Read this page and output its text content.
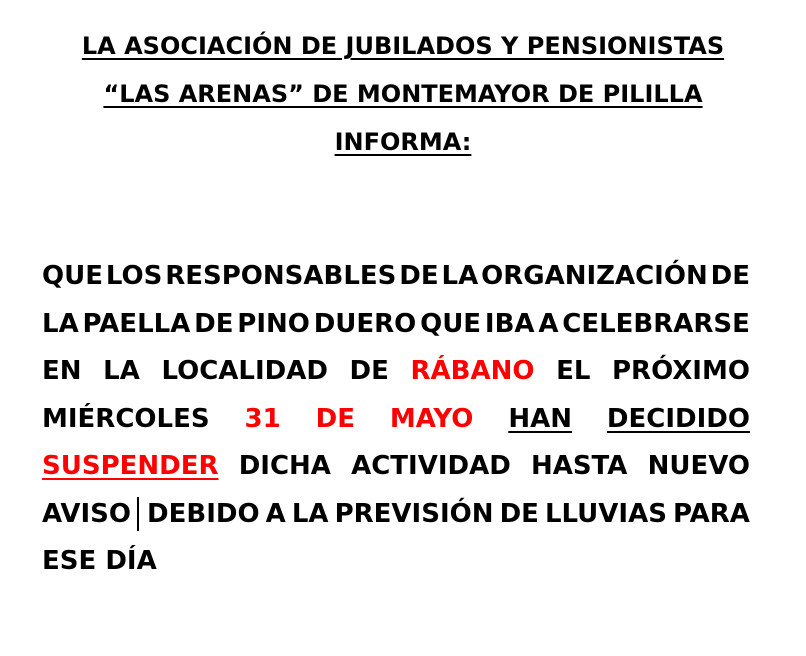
LA ASOCIACIÓN DE JUBILADOS Y PENSIONISTAS
“LAS ARENAS” DE MONTEMAYOR DE PILILLA
INFORMA:
QUE LOS RESPONSABLES DE LA ORGANIZACIÓN DE
LA PAELLA DE PINO DUERO QUE IBA A CELEBRARSE
EN LA LOCALIDAD DE RÁBANO EL PRÓXIMO
MIÉRCOLES 31 DE MAYO HAN DECIDIDO
SUSPENDER DICHA ACTIVIDAD HASTA NUEVO
AVISO DEBIDO A LA PREVISIÓN DE LLUVIAS PARA
ESE
DÍA
